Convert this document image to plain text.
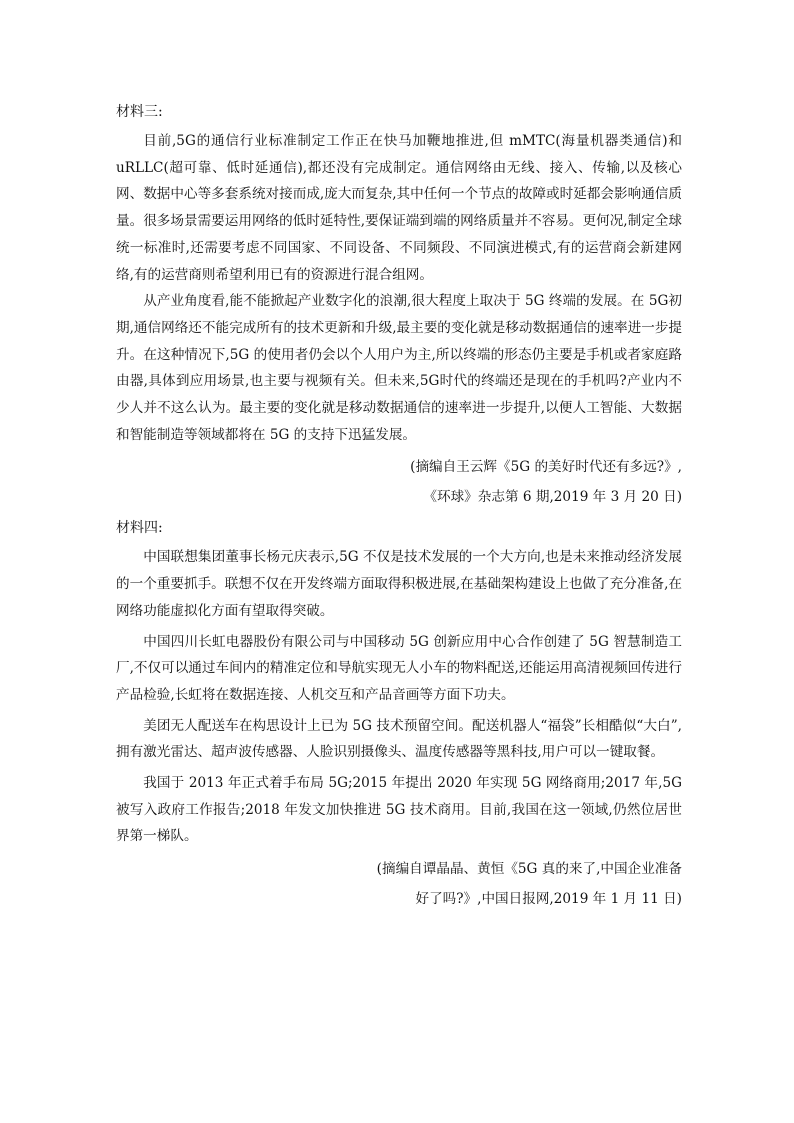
材料三:

目前,5G的通信行业标准制定工作正在快马加鞭地推进,但 mMTC(海量机器类通信)和uRLLC(超可靠、低时延通信),都还没有完成制定。通信网络由无线、接入、传输,以及核心网、数据中心等多套系统对接而成,庞大而复杂,其中任何一个节点的故障或时延都会影响通信质量。很多场景需要运用网络的低时延特性,要保证端到端的网络质量并不容易。更何况,制定全球统一标准时,还需要考虑不同国家、不同设备、不同频段、不同演进模式,有的运营商会新建网络,有的运营商则希望利用已有的资源进行混合组网。

从产业角度看,能不能掀起产业数字化的浪潮,很大程度上取决于 5G 终端的发展。在 5G初期,通信网络还不能完成所有的技术更新和升级,最主要的变化就是移动数据通信的速率进一步提升。在这种情况下,5G 的使用者仍会以个人用户为主,所以终端的形态仍主要是手机或者家庭路由器,具体到应用场景,也主要与视频有关。但未来,5G时代的终端还是现在的手机吗?产业内不少人并不这么认为。最主要的变化就是移动数据通信的速率进一步提升,以便人工智能、大数据和智能制造等领域都将在 5G 的支持下迅猛发展。

(摘编自王云辉《5G 的美好时代还有多远?》,
《环球》杂志第 6 期,2019 年 3 月 20 日)

材料四:

中国联想集团董事长杨元庆表示,5G 不仅是技术发展的一个大方向,也是未来推动经济发展的一个重要抓手。联想不仅在开发终端方面取得积极进展,在基础架构建设上也做了充分准备,在网络功能虚拟化方面有望取得突破。

中国四川长虹电器股份有限公司与中国移动 5G 创新应用中心合作创建了 5G 智慧制造工厂,不仅可以通过车间内的精准定位和导航实现无人小车的物料配送,还能运用高清视频回传进行产品检验,长虹将在数据连接、人机交互和产品音画等方面下功夫。

美团无人配送车在构思设计上已为 5G 技术预留空间。配送机器人“福袋”长相酷似“大白”,拥有激光雷达、超声波传感器、人脸识别摄像头、温度传感器等黑科技,用户可以一键取餐。

我国于 2013 年正式着手布局 5G;2015 年提出 2020 年实现 5G 网络商用;2017 年,5G 被写入政府工作报告;2018 年发文加快推进 5G 技术商用。目前,我国在这一领域,仍然位居世界第一梯队。

(摘编自谭晶晶、黄恒《5G 真的来了,中国企业准备
好了吗?》,中国日报网,2019 年 1 月 11 日)
